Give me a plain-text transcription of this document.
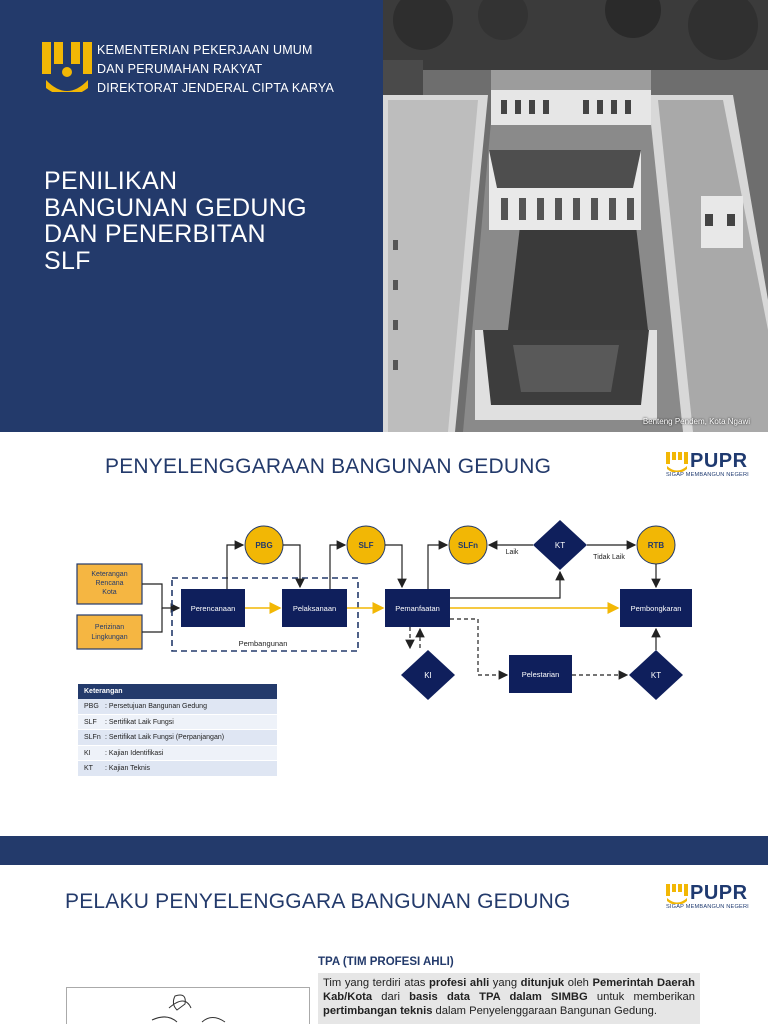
KEMENTERIAN PEKERJAAN UMUM
DAN PERUMAHAN RAKYAT
DIREKTORAT JENDERAL CIPTA KARYA
PENILIKAN
BANGUNAN GEDUNG
DAN PENERBITAN
SLF
Benteng Pendem, Kota Ngawi
PENYELENGGARAAN BANGUNAN GEDUNG	PUPR
SIGAP MEMBANGUN NEGERI
Keterangan
Rencana
Kota
Perizinan
Lingkungan
Pembangunan
Perencanaan	Pelaksanaan	Pemanfaatan	Pembongkaran
Pelestarian
PBG	SLF	SLFn	RTB
KT
KI	KT
Laik
Tidak Laik
Keterangan
PBG : Persetujuan Bangunan Gedung
SLF	: Sertifikat Laik Fungsi
SLFn : Sertifikat Laik Fungsi (Perpanjangan)
KI	: Kajian Identifikasi
KT	: Kajian Teknis
PELAKU PENYELENGGARA BANGUNAN GEDUNG	PUPR
SIGAP MEMBANGUN NEGERI
TPA (TIM PROFESI AHLI)
Tim yang terdiri atas profesi ahli yang ditunjuk oleh Pemerintah Daerah Kab/Kota dari basis data TPA dalam SIMBG untuk memberikan pertimbangan teknis dalam Penyelenggaraan Bangunan Gedung.
